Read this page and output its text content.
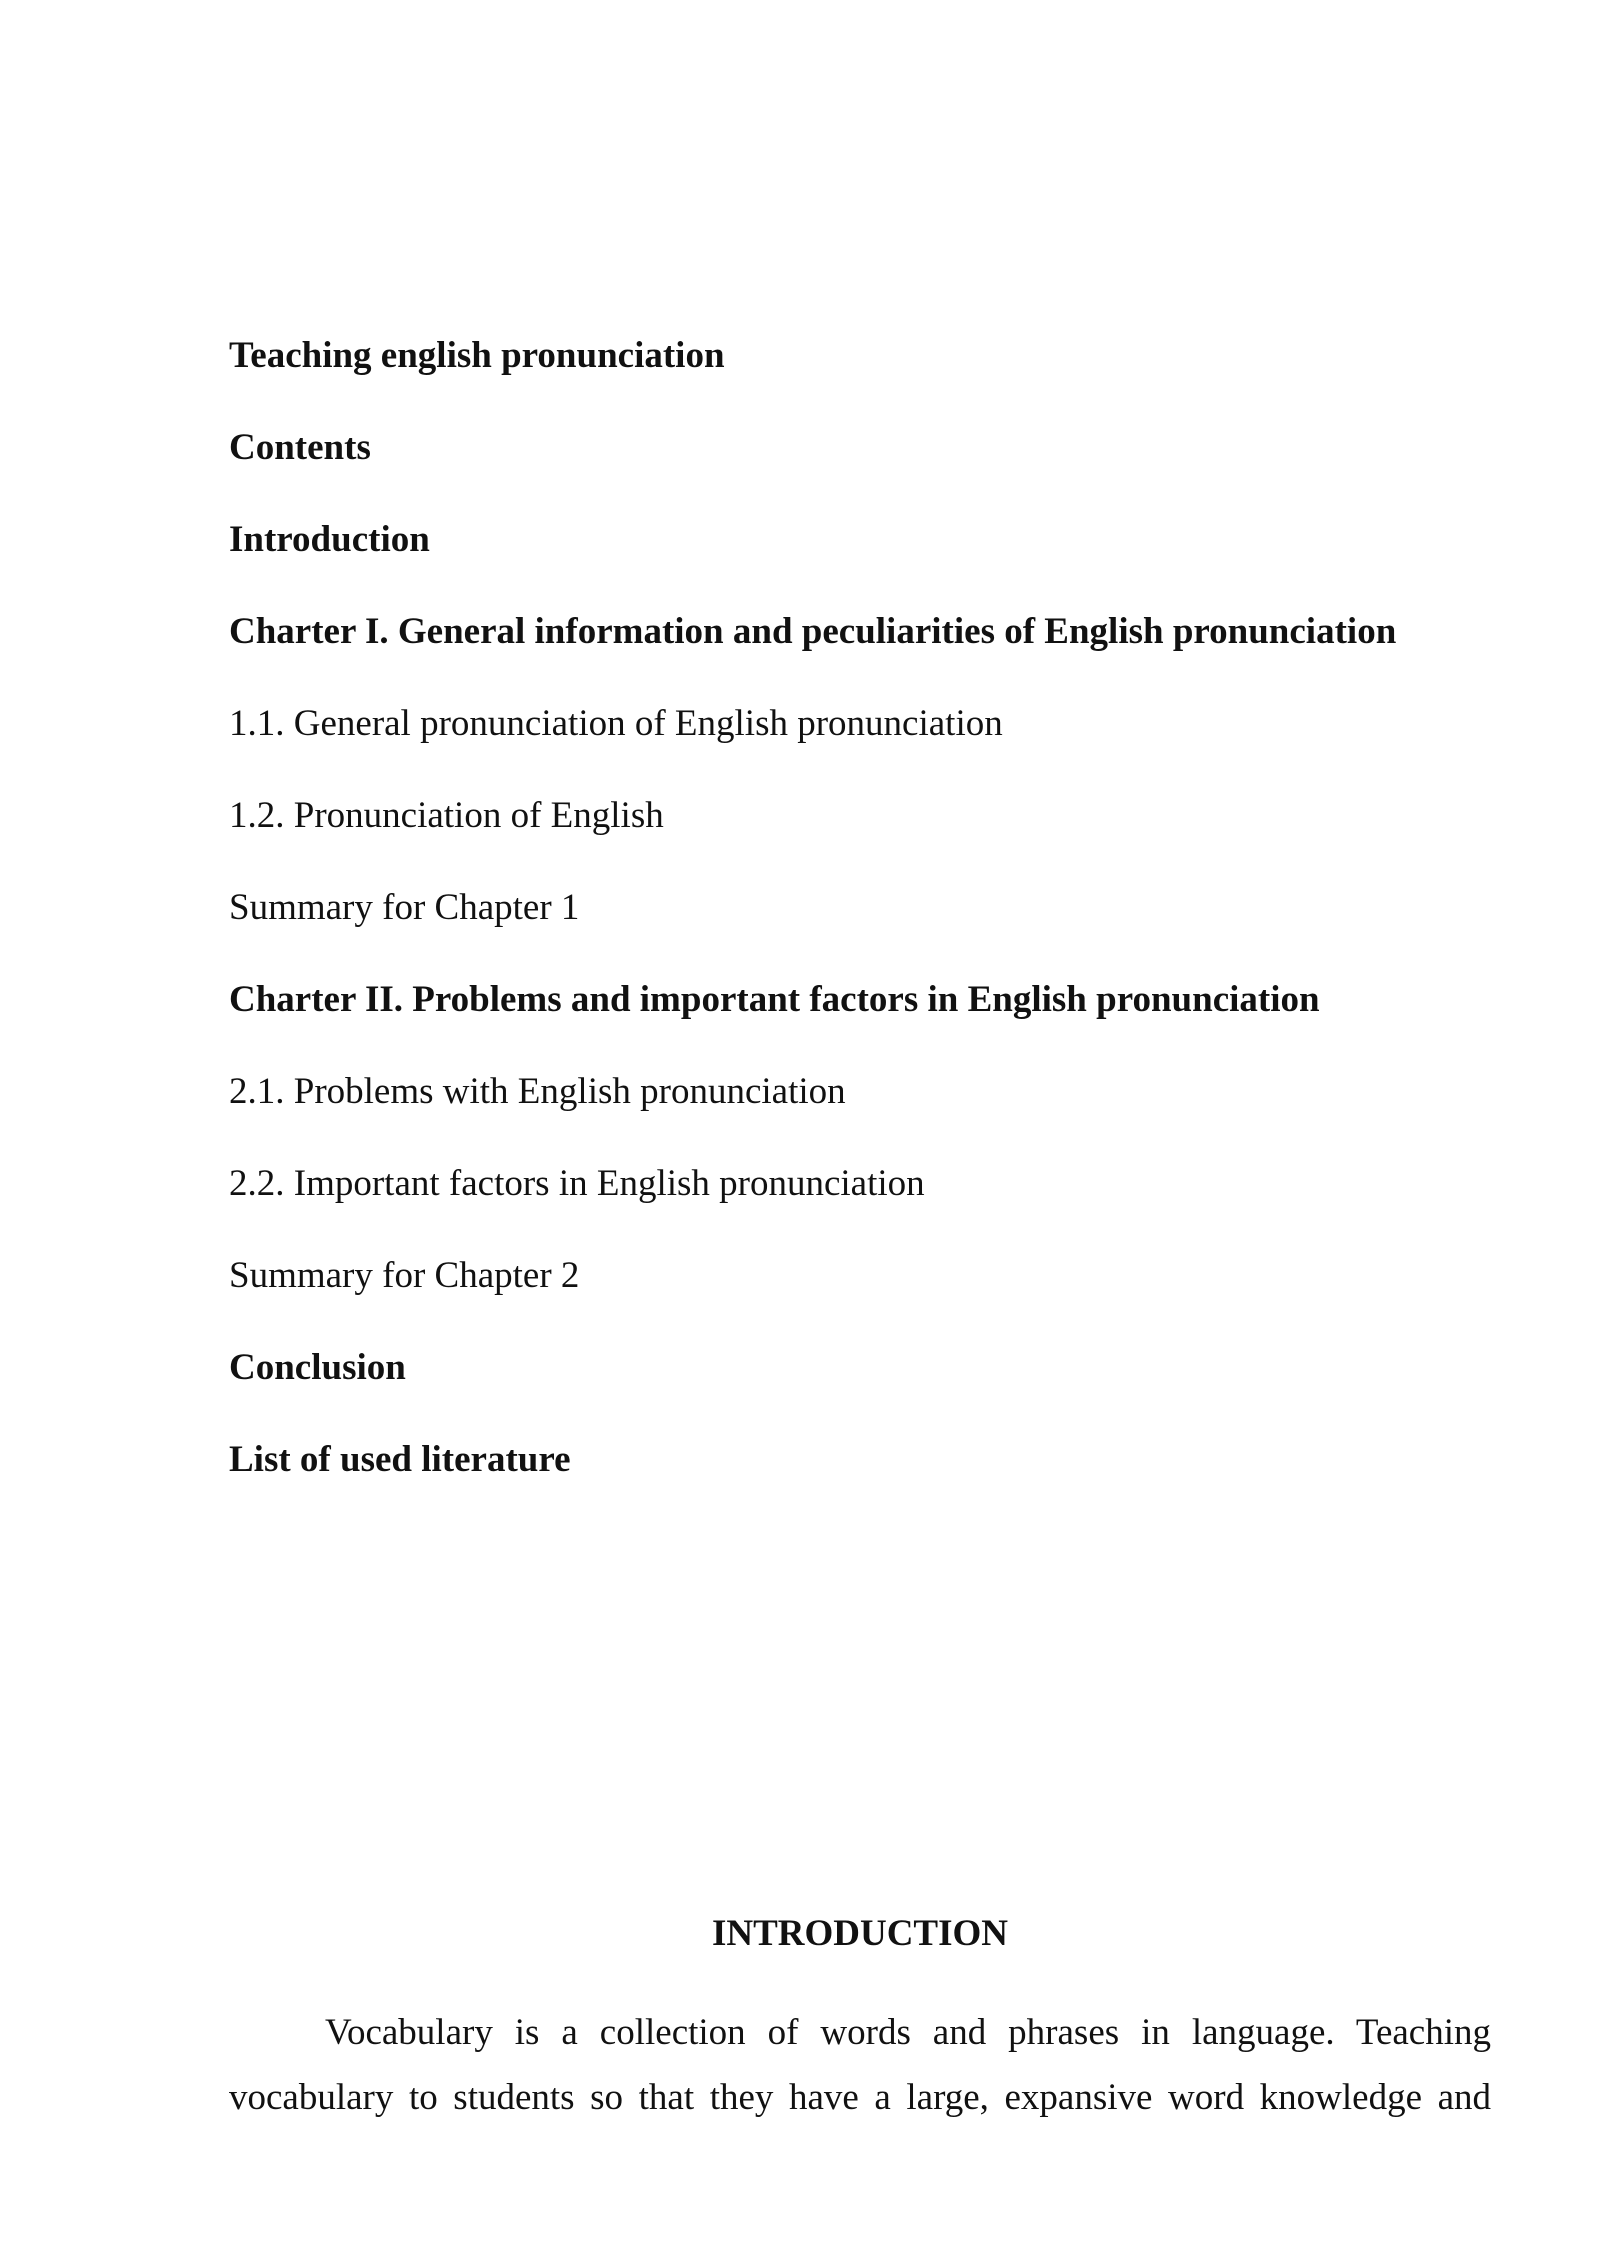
Teaching english pronunciation
Contents
Introduction
Charter I. General information and peculiarities of English pronunciation
1.1. General pronunciation of English pronunciation
1.2. Pronunciation of English
Summary for Chapter 1
Charter II. Problems and important factors in English pronunciation
2.1. Problems with English pronunciation
2.2. Important factors in English pronunciation
Summary for Chapter 2
Conclusion
List of used literature
INTRODUCTION
Vocabulary is a collection of words and phrases in language. Teaching vocabulary to students so that they have a large, expansive word knowledge and
